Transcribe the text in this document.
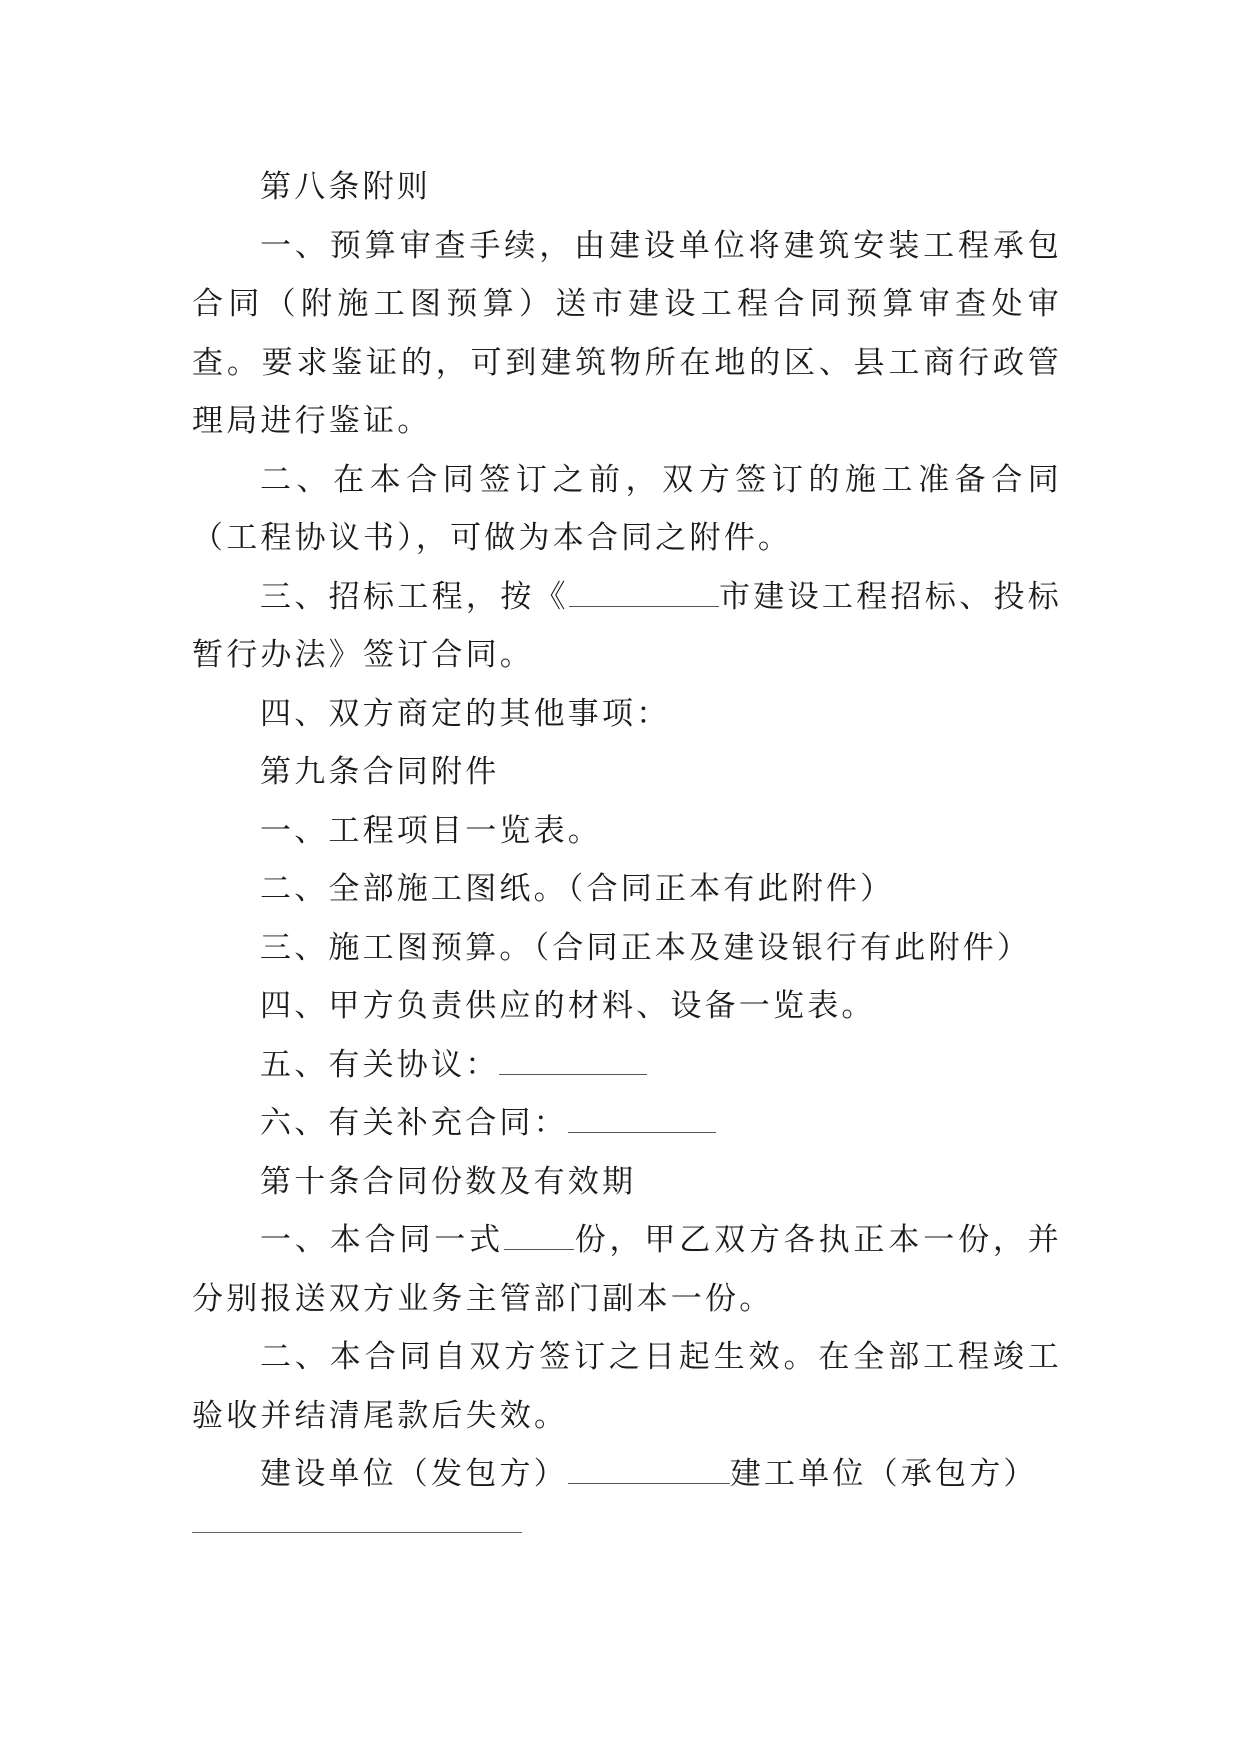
第八条附则

一、预算审查手续，由建设单位将建筑安装工程承包合同（附施工图预算）送市建设工程合同预算审查处审查。要求鉴证的，可到建筑物所在地的区、县工商行政管理局进行鉴证。

二、在本合同签订之前，双方签订的施工准备合同（工程协议书），可做为本合同之附件。

三、招标工程，按《	市建设工程招标、投标暂行办法》签订合同。

四、双方商定的其他事项：

第九条合同附件

一、工程项目一览表。

二、全部施工图纸。（合同正本有此附件）

三、施工图预算。（合同正本及建设银行有此附件）

四、甲方负责供应的材料、设备一览表。

五、有关协议：

六、有关补充合同：

第十条合同份数及有效期

一、本合同一式 份，甲乙双方各执正本一份，并分别报送双方业务主管部门副本一份。

二、本合同自双方签订之日起生效。在全部工程竣工验收并结清尾款后失效。

建设单位（发包方）	建工单位（承包方）
